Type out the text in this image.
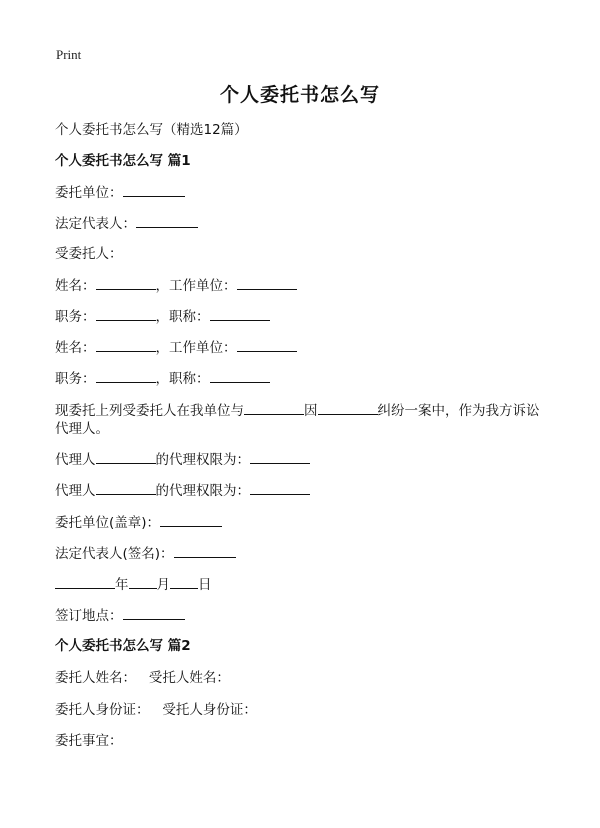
Print
个人委托书怎么写
个人委托书怎么写（精选12篇）
个人委托书怎么写 篇1
委托单位：
法定代表人：
受委托人：
姓名：	，工作单位：
职务：	，职称：
姓名：	，工作单位：
职务：	，职称：
现委托上列受委托人在我单位与	因	纠纷一案中，作为我方诉讼代理人。
代理人	的代理权限为：
代理人	的代理权限为：
委托单位(盖章)：
法定代表人(签名)：
年 月 日
签订地点：
个人委托书怎么写 篇2
委托人姓名：   受托人姓名：
委托人身份证：   受托人身份证：
委托事宜：
